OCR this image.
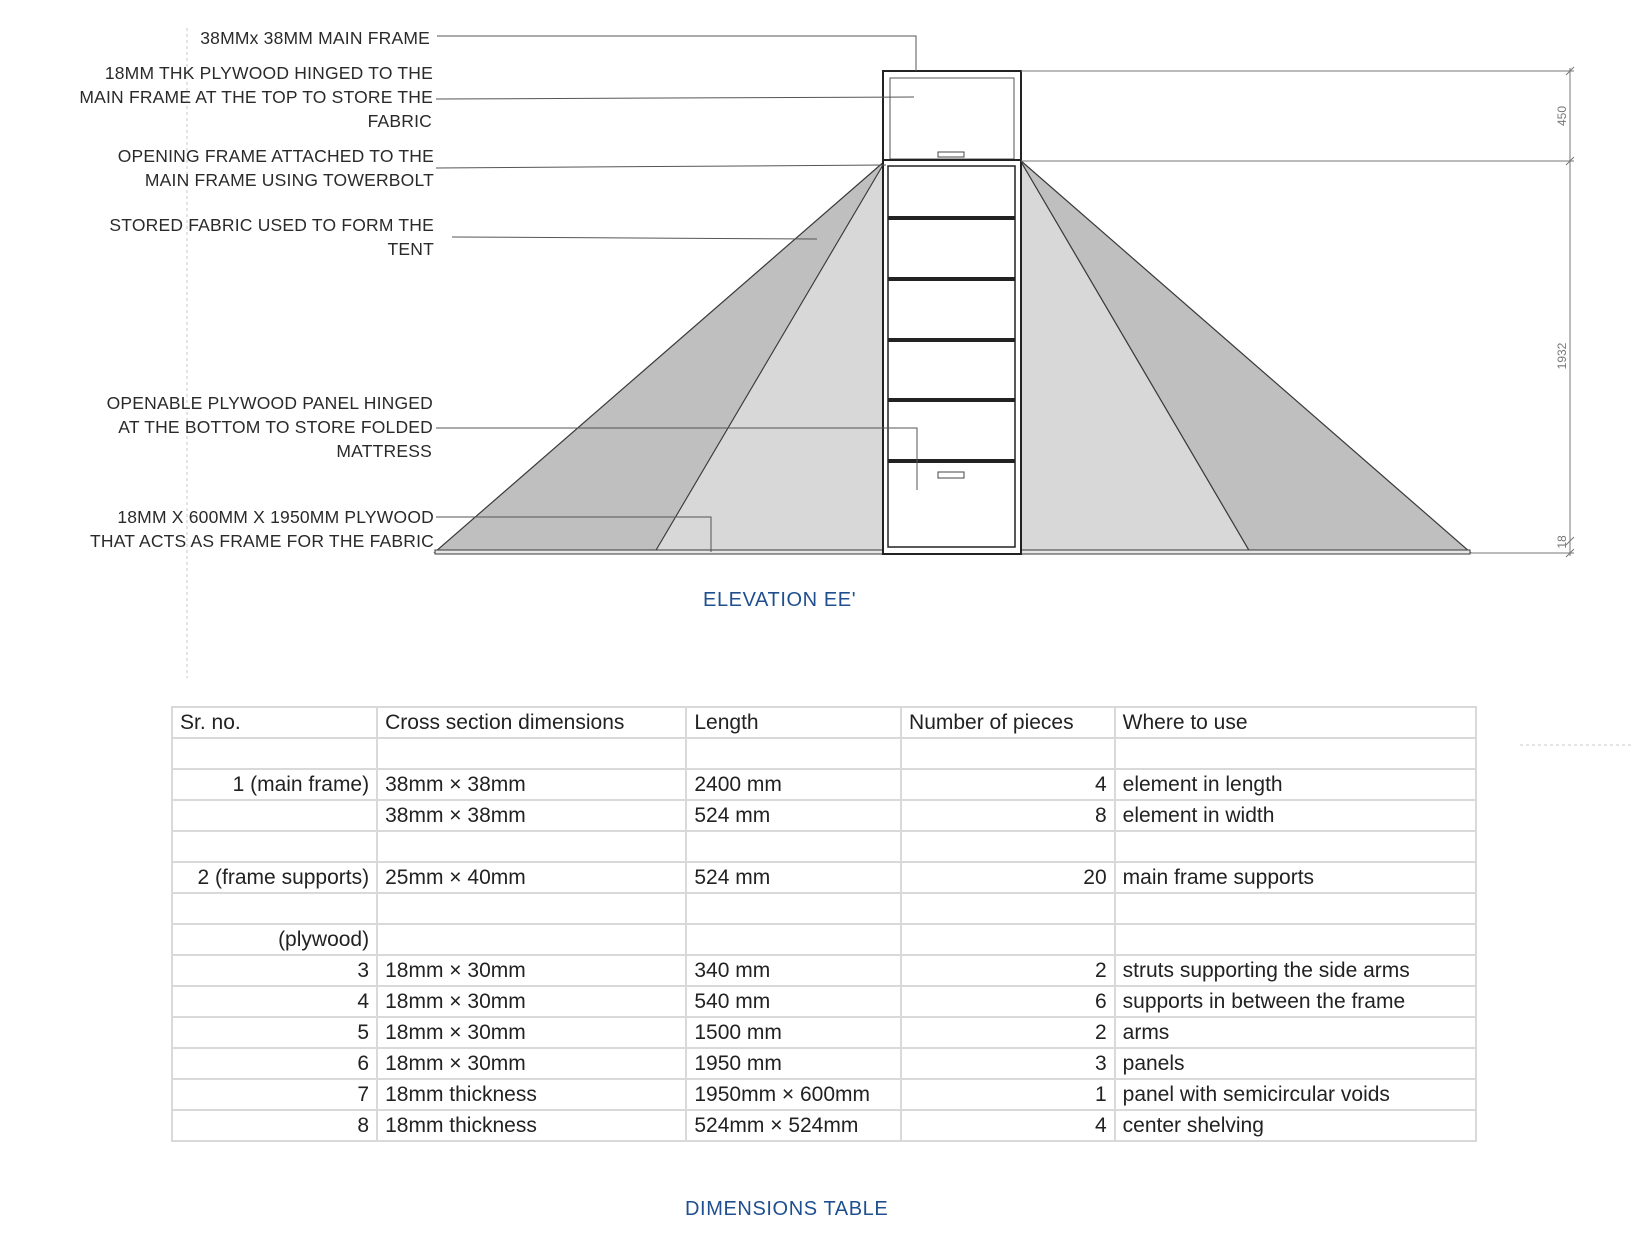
450
1932
18
38MMx 38MM MAIN FRAME
18MM THK PLYWOOD HINGED TO THE
MAIN FRAME AT THE TOP TO STORE THE
FABRIC
OPENING FRAME ATTACHED TO THE
MAIN FRAME USING TOWERBOLT
STORED FABRIC USED TO FORM THE
TENT
OPENABLE PLYWOOD PANEL HINGED
AT THE BOTTOM TO STORE FOLDED
MATTRESS
18MM X 600MM X 1950MM PLYWOOD
THAT ACTS AS FRAME FOR THE FABRIC
ELEVATION EE'
Sr. no.	Cross section dimensions	Length	Number of pieces	Where to use

1 (main frame)	38mm × 38mm	2400 mm	4	element in length
	38mm × 38mm	524 mm	8	element in width

2 (frame supports)	25mm × 40mm	524 mm	20	main frame supports

(plywood)				
3	18mm × 30mm	340 mm	2	struts supporting the side arms
4	18mm × 30mm	540 mm	6	supports in between the frame
5	18mm × 30mm	1500 mm	2	arms
6	18mm × 30mm	1950 mm	3	panels
7	18mm thickness	1950mm × 600mm	1	panel with semicircular voids
8	18mm thickness	524mm × 524mm	4	center shelving
DIMENSIONS TABLE
